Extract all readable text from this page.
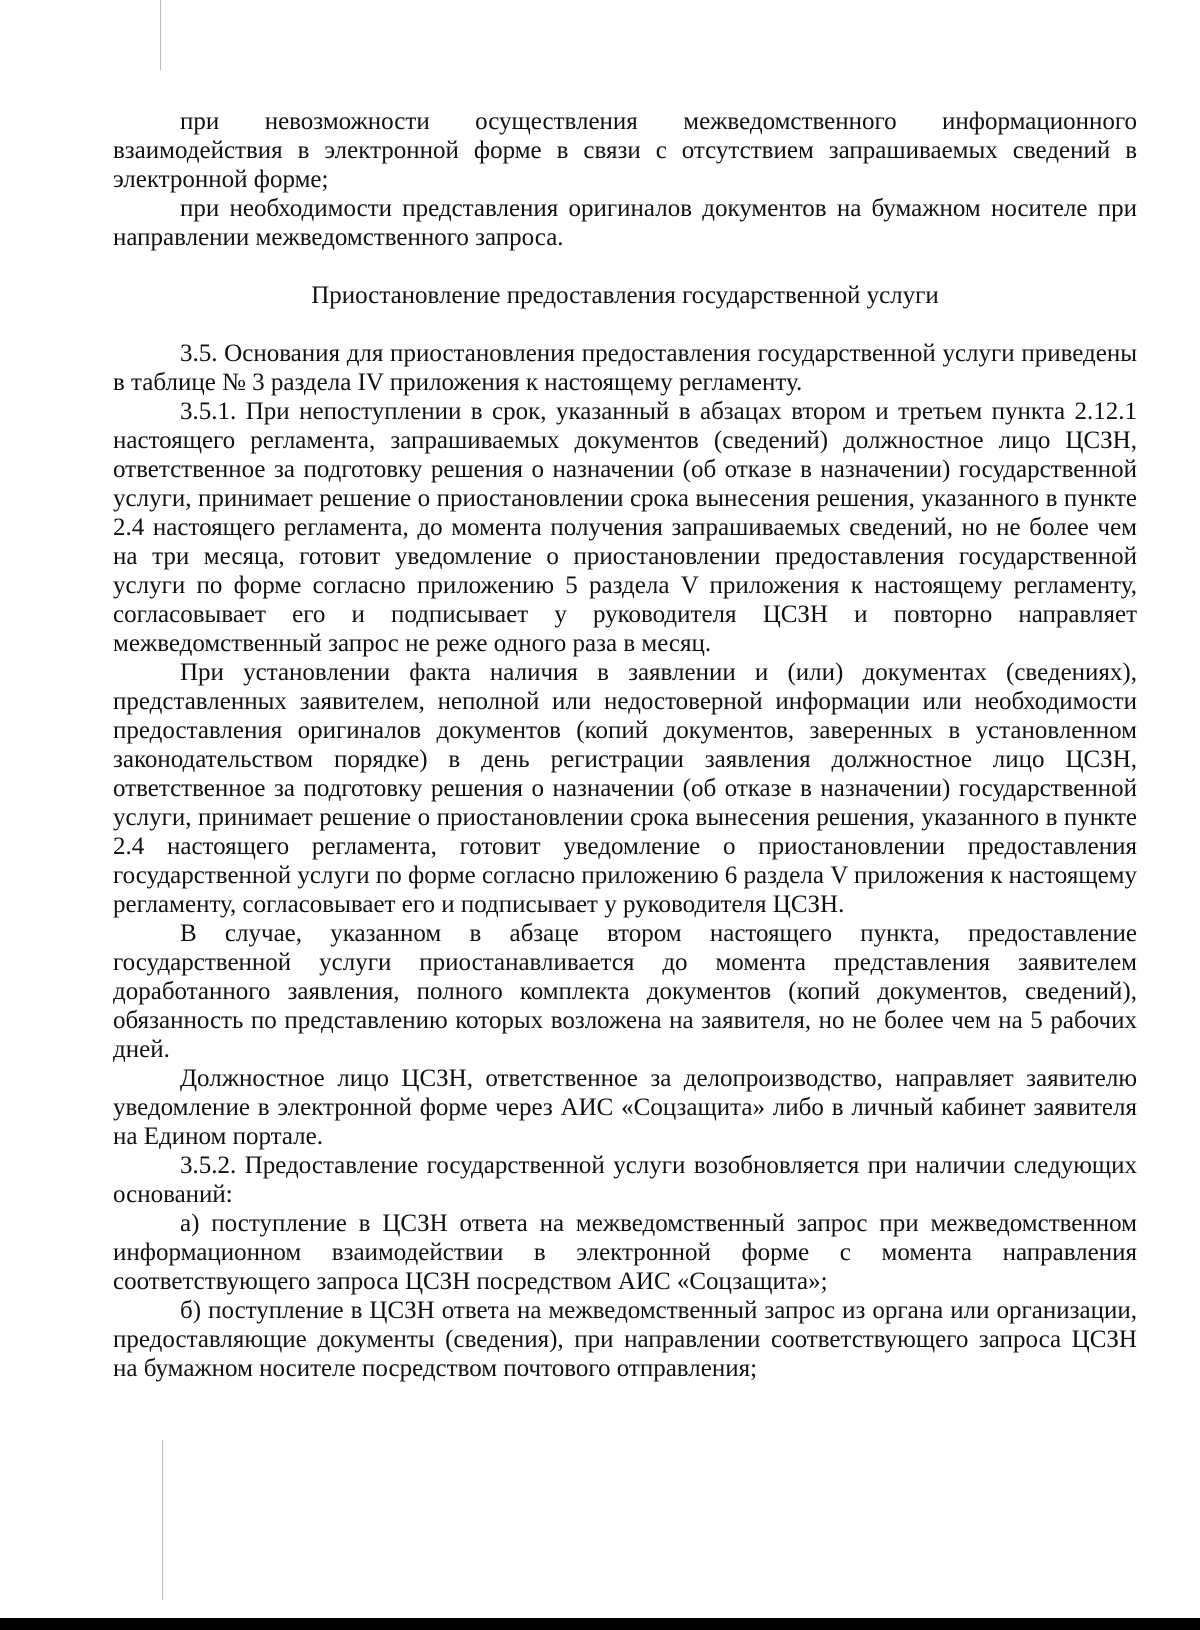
при невозможности осуществления межведомственного информационного взаимодействия в электронной форме в связи с отсутствием запрашиваемых сведений в электронной форме;

при необходимости представления оригиналов документов на бумажном носителе при направлении межведомственного запроса.

Приостановление предоставления государственной услуги

3.5. Основания для приостановления предоставления государственной услуги приведены в таблице № 3 раздела IV приложения к настоящему регламенту.

3.5.1. При непоступлении в срок, указанный в абзацах втором и третьем пункта 2.12.1 настоящего регламента, запрашиваемых документов (сведений) должностное лицо ЦСЗН, ответственное за подготовку решения о назначении (об отказе в назначении) государственной услуги, принимает решение о приостановлении срока вынесения решения, указанного в пункте 2.4 настоящего регламента, до момента получения запрашиваемых сведений, но не более чем на три месяца, готовит уведомление о приостановлении предоставления государственной услуги по форме согласно приложению 5 раздела V приложения к настоящему регламенту, согласовывает его и подписывает у руководителя ЦСЗН и повторно направляет межведомственный запрос не реже одного раза в месяц.

При установлении факта наличия в заявлении и (или) документах (сведениях), представленных заявителем, неполной или недостоверной информации или необходимости предоставления оригиналов документов (копий документов, заверенных в установленном законодательством порядке) в день регистрации заявления должностное лицо ЦСЗН, ответственное за подготовку решения о назначении (об отказе в назначении) государственной услуги, принимает решение о приостановлении срока вынесения решения, указанного в пункте 2.4 настоящего регламента, готовит уведомление о приостановлении предоставления государственной услуги по форме согласно приложению 6 раздела V приложения к настоящему регламенту, согласовывает его и подписывает у руководителя ЦСЗН.

В случае, указанном в абзаце втором настоящего пункта, предоставление государственной услуги приостанавливается до момента представления заявителем доработанного заявления, полного комплекта документов (копий документов, сведений), обязанность по представлению которых возложена на заявителя, но не более чем на 5 рабочих дней.

Должностное лицо ЦСЗН, ответственное за делопроизводство, направляет заявителю уведомление в электронной форме через АИС «Соцзащита» либо в личный кабинет заявителя на Едином портале.

3.5.2. Предоставление государственной услуги возобновляется при наличии следующих оснований:

а) поступление в ЦСЗН ответа на межведомственный запрос при межведомственном информационном взаимодействии в электронной форме с момента направления соответствующего запроса ЦСЗН посредством АИС «Соцзащита»;

б) поступление в ЦСЗН ответа на межведомственный запрос из органа или организации, предоставляющие документы (сведения), при направлении соответствующего запроса ЦСЗН на бумажном носителе посредством почтового отправления;
